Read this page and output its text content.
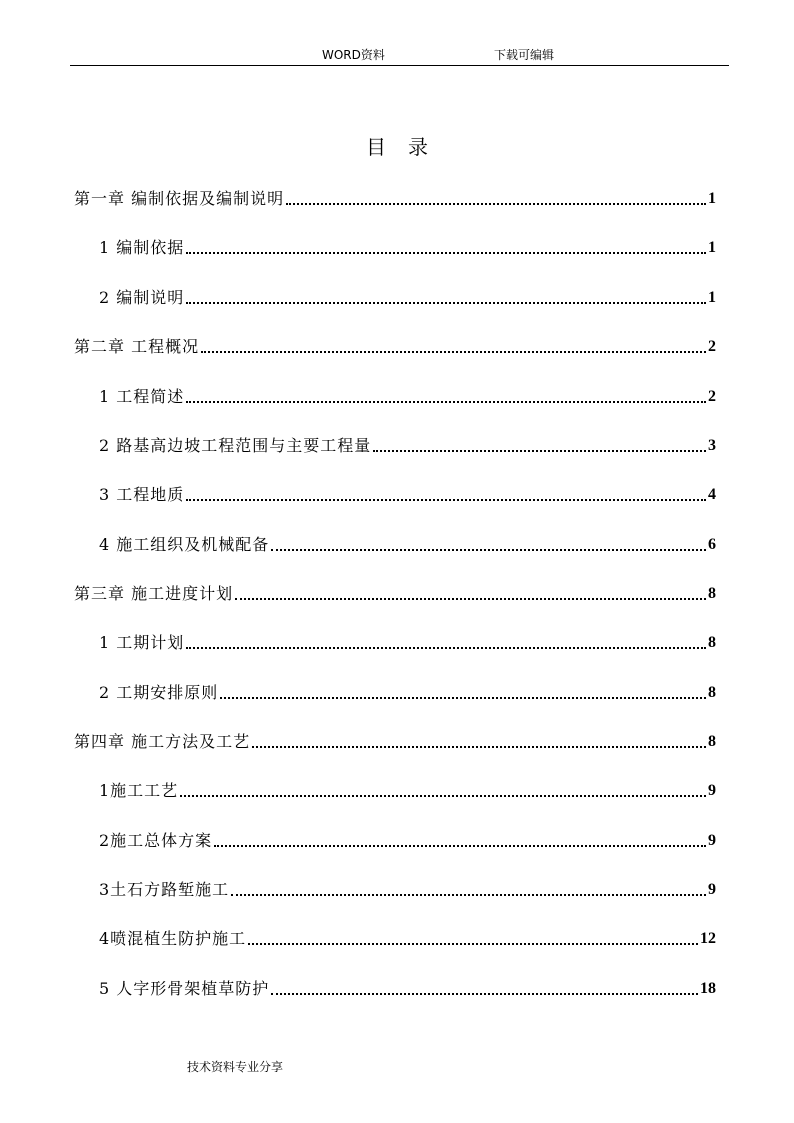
WORD资料	下载可编辑
目录
第一章 编制依据及编制说明	1
1 编制依据	1
2 编制说明	1
第二章 工程概况	2
1 工程简述	2
2 路基高边坡工程范围与主要工程量	3
3 工程地质	4
4 施工组织及机械配备	6
第三章 施工进度计划	8
1 工期计划	8
2 工期安排原则	8
第四章 施工方法及工艺	8
1施工工艺	9
2施工总体方案	9
3土石方路堑施工	9
4喷混植生防护施工	12
5 人字形骨架植草防护	18
技术资料专业分享
